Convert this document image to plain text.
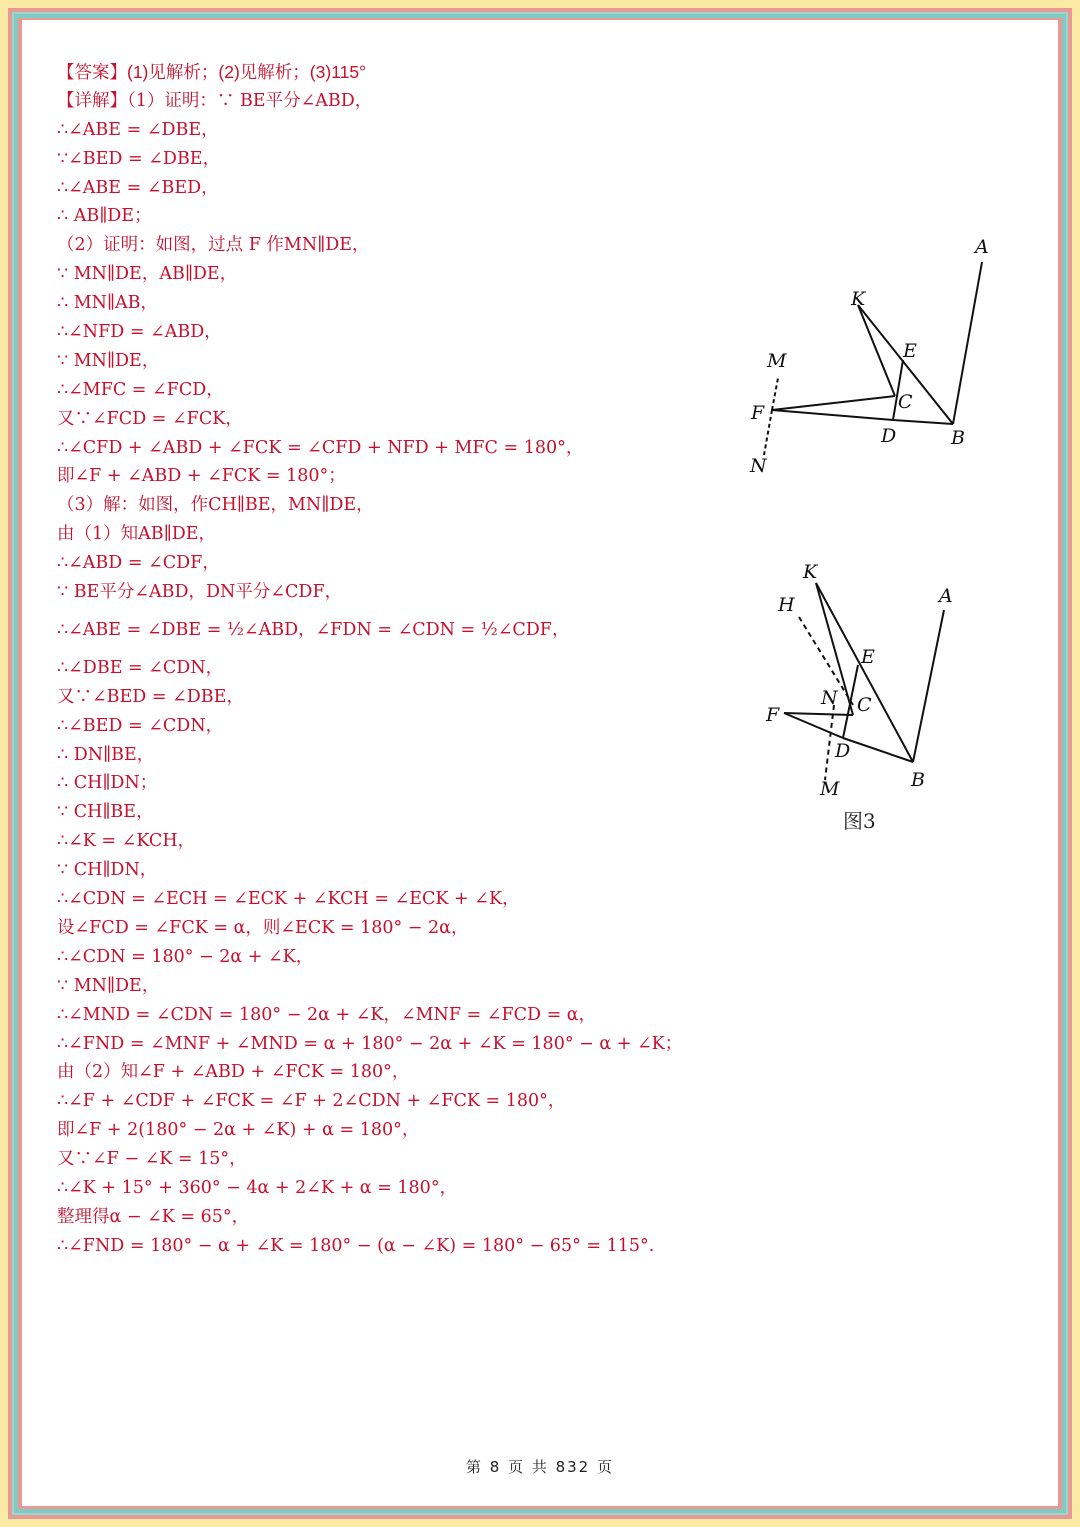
【答案】(1)见解析；(2)见解析；(3)115°
【详解】（1）证明：∵ BE平分∠ABD，
∴∠ABE = ∠DBE，
∵∠BED = ∠DBE，
∴∠ABE = ∠BED，
∴ AB∥DE；
（2）证明：如图，过点 F 作MN∥DE，
∵ MN∥DE，AB∥DE，
∴ MN∥AB，
∴∠NFD = ∠ABD，
∵ MN∥DE，
∴∠MFC = ∠FCD，
又∵∠FCD = ∠FCK，
∴∠CFD + ∠ABD + ∠FCK = ∠CFD + NFD + MFC = 180°，
即∠F + ∠ABD + ∠FCK = 180°；
（3）解：如图，作CH∥BE，MN∥DE，
由（1）知AB∥DE，
∴∠ABD = ∠CDF，
∵ BE平分∠ABD，DN平分∠CDF，
∴∠ABE = ∠DBE = ½∠ABD，∠FDN = ∠CDN = ½∠CDF，
∴∠DBE = ∠CDN，
又∵∠BED = ∠DBE，
∴∠BED = ∠CDN，
∴ DN∥BE，
∴ CH∥DN；
∵ CH∥BE，
∴∠K = ∠KCH，
∵ CH∥DN，
∴∠CDN = ∠ECH = ∠ECK + ∠KCH = ∠ECK + ∠K，
设∠FCD = ∠FCK = α，则∠ECK = 180° − 2α，
∴∠CDN = 180° − 2α + ∠K，
∵ MN∥DE，
∴∠MND = ∠CDN = 180° − 2α + ∠K，∠MNF = ∠FCD = α，
∴∠FND = ∠MNF + ∠MND = α + 180° − 2α + ∠K = 180° − α + ∠K；
由（2）知∠F + ∠ABD + ∠FCK = 180°，
∴∠F + ∠CDF + ∠FCK = ∠F + 2∠CDN + ∠FCK = 180°，
即∠F + 2(180° − 2α + ∠K) + α = 180°，
又∵∠F − ∠K = 15°，
∴∠K + 15° + 360° − 4α + 2∠K + α = 180°，
整理得α − ∠K = 65°，
∴∠FND = 180° − α + ∠K = 180° − (α − ∠K) = 180° − 65° = 115°.
A
K
E
M
C
F
D	B
N
K
A
H
E
N C
F
D
B
M
图3
第 8 页 共 832 页
